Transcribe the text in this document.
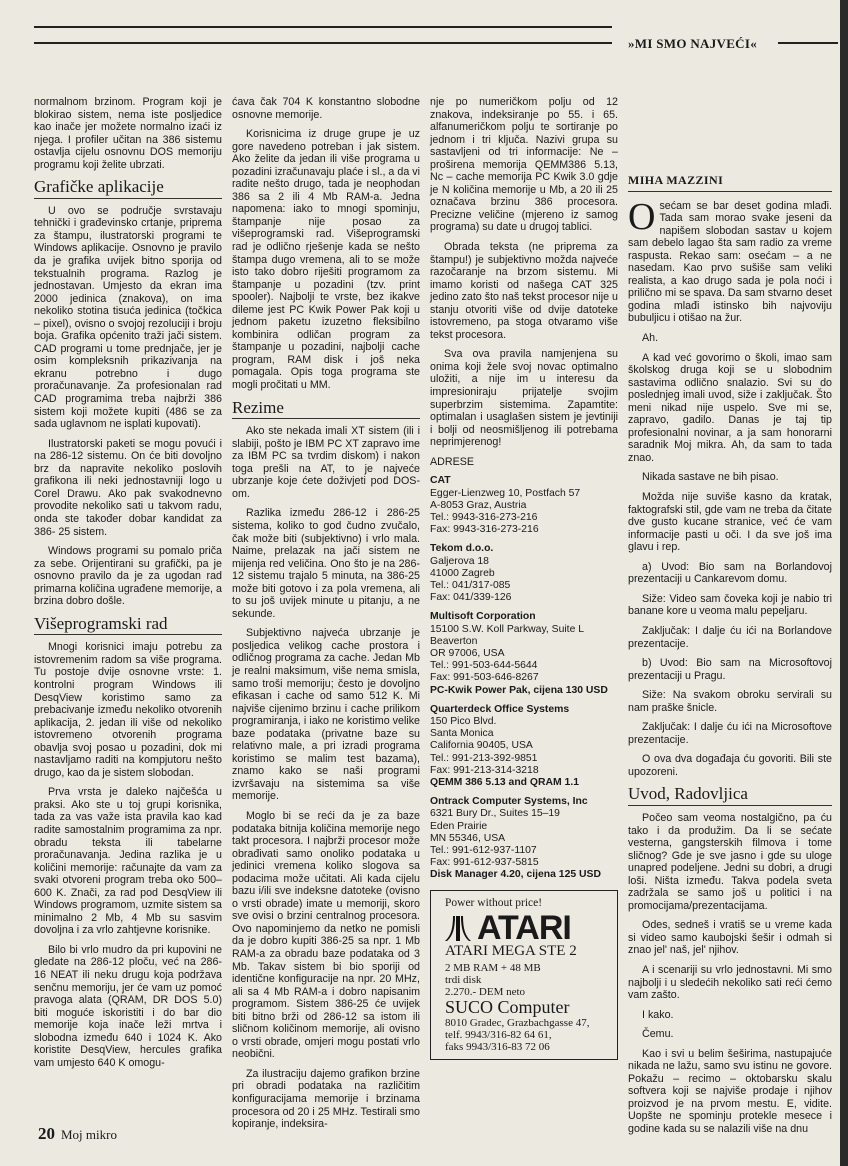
»MI SMO NAJVEĆI«

normalnom brzinom. Program koji je blokirao sistem, nema iste posljedice kao inače jer možete normalno izaći iz njega. I profiler učitan na 386 sistemu ostavlja cijelu osnovnu DOS memoriju programu koji želite ubrzati.

Grafičke aplikacije

U ovo se područje svrstavaju tehnički i građevinsko crtanje, priprema za štampu, ilustratorski programi te Windows aplikacije. Osnovno je pravilo da je grafika uvijek bitno sporija od tekstualnih programa. Razlog je jednostavan. Umjesto da ekran ima 2000 jedinica (znakova), on ima nekoliko stotina tisuća jedinica (točkica – pixel), ovisno o svojoj rezoluciji i broju boja. Grafika općenito traži jači sistem. CAD programi u tome prednjače, jer je osim kompleksnih prikazivanja na ekranu potrebno i dugo proračunavanje. Za profesionalan rad CAD programima treba najbrži 386 sistem koji možete kupiti (486 se za sada uglavnom ne isplati kupovati).

Ilustratorski paketi se mogu povući i na 286-12 sistemu. On će biti dovoljno brz da napravite nekoliko poslovih grafikona ili neki jednostavniji logo u Corel Drawu. Ako pak svakodnevno provodite nekoliko sati u takvom radu, onda ste također dobar kandidat za 386- 25 sistem.

Windows programi su pomalo priča za sebe. Orijentirani su grafički, pa je osnovno pravilo da je za ugodan rad primarna količina ugrađene memorije, a brzina dobro došle.

Višeprogramski rad

Mnogi korisnici imaju potrebu za istovremenim radom sa više programa. Tu postoje dvije osnovne vrste: 1. kontrolni program Windows ili DesqView koristimo samo za prebacivanje između nekoliko otvorenih aplikacija, 2. jedan ili više od nekoliko istovremeno otvorenih programa obavlja svoj posao u pozadini, dok mi nastavljamo raditi na kompjutoru nešto drugo, kao da je sistem slobodan.

Prva vrsta je daleko najčešća u praksi. Ako ste u toj grupi korisnika, tada za vas važe ista pravila kao kad radite samostalnim programima za npr. obradu teksta ili tabelarne proračunavanja. Jedina razlika je u količini memorije: računajte da vam za svaki otvoreni program treba oko 500–600 K. Znači, za rad pod DesqView ili Windows programom, uzmite sistem sa minimalno 2 Mb, 4 Mb su sasvim dovoljna i za vrlo zahtjevne korisnike.

Bilo bi vrlo mudro da pri kupovini ne gledate na 286-12 ploču, već na 286-16 NEAT ili neku drugu koja podržava senčnu memoriju, jer će vam uz pomoć pravoga alata (QRAM, DR DOS 5.0) biti moguće iskoristiti i do bar dio memorije koja inače leži mrtva i slobodna između 640 i 1024 K. Ako koristite DesqView, hercules grafika vam umjesto 640 K omogu-

ćava čak 704 K konstantno slobodne osnovne memorije.

Korisnicima iz druge grupe je uz gore navedeno potreban i jak sistem. Ako želite da jedan ili više programa u pozadini izračunavaju plaće i sl., a da vi radite nešto drugo, tada je neophodan 386 sa 2 ili 4 Mb RAM-a. Jedna napomena: iako to mnogi spominju, štampanje nije posao za višeprogramski rad. Višeprogramski rad je odlično rješenje kada se nešto štampa dugo vremena, ali to se može isto tako dobro riješiti programom za štampanje u pozadini (tzv. print spooler). Najbolji te vrste, bez ikakve dileme jest PC Kwik Power Pak koji u jednom paketu izuzetno fleksibilno kombinira odličan program za štampanje u pozadini, najbolji cache program, RAM disk i još neka pomagala. Opis toga programa ste mogli pročitati u MM.

Rezime

Ako ste nekada imali XT sistem (ili i slabiji, pošto je IBM PC XT zapravo ime za IBM PC sa tvrdim diskom) i nakon toga prešli na AT, to je najveće ubrzanje koje ćete doživjeti pod DOS-om.

Razlika između 286-12 i 286-25 sistema, koliko to god čudno zvučalo, čak može biti (subjektivno) i vrlo mala. Naime, prelazak na jači sistem ne mijenja red veličina. Ono što je na 286-12 sistemu trajalo 5 minuta, na 386-25 može biti gotovo i za pola vremena, ali to su još uvijek minute u pitanju, a ne sekunde.

Subjektivno najveća ubrzanje je posljedica velikog cache prostora i odličnog programa za cache. Jedan Mb je realni maksimum, više nema smisla, samo troši memoriju; često je dovoljno efikasan i cache od samo 512 K. Mi najviše cijenimo brzinu i cache prilikom programiranja, i iako ne koristimo velike baze podataka (privatne baze su relativno male, a pri izradi programa koristimo se malim test bazama), znamo kako se naši programi izvršavaju na sistemima sa više memorije.

Moglo bi se reći da je za baze podataka bitnija količina memorije nego takt procesora. I najbrži procesor može obrađivati samo onoliko podataka u jedinici vremena koliko slogova sa podacima može učitati. Ali kada cijelu bazu i/ili sve indeksne datoteke (ovisno o vrsti obrade) imate u memoriji, skoro sve ovisi o brzini centralnog procesora. Ovo napominjemo da netko ne pomisli da je dobro kupiti 386-25 sa npr. 1 Mb RAM-a za obradu baze podataka od 3 Mb. Takav sistem bi bio sporiji od identične konfiguracije na npr. 20 MHz, ali sa 4 Mb RAM-a i dobro napisanim programom. Sistem 386-25 će uvijek biti bitno brži od 286-12 sa istom ili sličnom količinom memorije, ali ovisno o vrsti obrade, omjeri mogu postati vrlo neobični.

Za ilustraciju dajemo grafikon brzine pri obradi podataka na različitim konfiguracijama memorije i brzinama procesora od 20 i 25 MHz. Testirali smo kopiranje, indeksira-

nje po numeričkom polju od 12 znakova, indeksiranje po 55. i 65. alfanumeričkom polju te sortiranje po jednom i tri ključa. Nazivi grupa su sastavljeni od tri informacije: Ne – proširena memorija QEMM386 5.13, Nc – cache memorija PC Kwik 3.0 gdje je N količina memorije u Mb, a 20 ili 25 označava brzinu 386 procesora. Precizne veličine (mjereno iz samog programa) su date u drugoj tablici.

Obrada teksta (ne priprema za štampu!) je subjektivno možda najveće razočaranje na brzom sistemu. Mi imamo koristi od našega CAT 325 jedino zato što naš tekst procesor nije u stanju otvoriti više od dvije datoteke istovremeno, pa stoga otvaramo više tekst procesora.

Sva ova pravila namjenjena su onima koji žele svoj novac optimalno uložiti, a nije im u interesu da impresioniraju prijatelje svojim superbrzim sistemima. Zapamtite: optimalan i usaglašen sistem je jevtiniji i bolji od neosmišljenog ili potrebama neprimjerenog!

ADRESE

CAT
Egger-Lienzweg 10, Postfach 57
A-8053 Graz, Austria
Tel.: 9943-316-273-216
Fax: 9943-316-273-216
Tekom d.o.o.
Galjerova 18
41000 Zagreb
Tel.: 041/317-085
Fax: 041/339-126
Multisoft Corporation
15100 S.W. Koll Parkway, Suite L
Beaverton
OR 97006, USA
Tel.: 991-503-644-5644
Fax: 991-503-646-8267
PC-Kwik Power Pak, cijena 130 USD
Quarterdeck Office Systems
150 Pico Blvd.
Santa Monica
California 90405, USA
Tel.: 991-213-392-9851
Fax: 991-213-314-3218
QEMM 386 5.13 and QRAM 1.1
Ontrack Computer Systems, Inc
6321 Bury Dr., Suites 15–19
Eden Prairie
MN 55346, USA
Tel.: 991-612-937-1107
Fax: 991-612-937-5815
Disk Manager 4.20, cijena 125 USD
Power without price!
ATARI
ATARI MEGA STE 2
2 MB RAM + 48 MB
trdi disk
2.270.- DEM neto
SUCO Computer
8010 Gradec, Grazbachgasse 47,
telf. 9943/316-82 64 61,
faks 9943/316-83 72 06
MIHA MAZZINI

Osećam se bar deset godina mlađi. Tada sam morao svake jeseni da napišem slobodan sastav u kojem sam debelo lagao šta sam radio za vreme raspusta. Rekao sam: osećam – a ne nasedam. Kao prvo sušiše sam veliki realista, a kao drugo sada je pola noći i prilično mi se spava. Da sam stvarno deset godina mlađi istinsko bih najvoviju bubuljicu i otišao na žur.

Ah.

A kad već govorimo o školi, imao sam školskog druga koji se u slobodnim sastavima odlično snalazio. Svi su do poslednjeg imali uvod, siže i zaključak. Što meni nikad nije uspelo. Sve mi se, zapravo, gadilo. Danas je taj tip profesionalni novinar, a ja sam honorarni saradnik Moj mikra. Ah, da sam to tada znao.

Nikada sastave ne bih pisao.

Možda nije suviše kasno da kratak, faktografski stil, gde vam ne treba da čitate dve gusto kucane stranice, već će vam informacije pasti u oči. I da sve još ima glavu i rep.

a) Uvod: Bio sam na Borlandovoj prezentaciji u Cankarevom domu.

Siže: Video sam čoveka koji je nabio tri banane kore u veoma malu pepeljaru.

Zaključak: I dalje ću ići na Borlandove prezentacije.

b) Uvod: Bio sam na Microsoftovoj prezentaciji u Pragu.

Siže: Na svakom obroku servirali su nam praške šnicle.

Zaključak: I dalje ću ići na Microsoftove prezentacije.

O ova dva događaja ću govoriti. Bili ste upozoreni.

Uvod, Radovljica

Počeo sam veoma nostalgično, pa ću tako i da produžim. Da li se sećate vesterna, gangsterskih filmova i tome sličnog? Gde je sve jasno i gde su uloge unapred podeljene. Jedni su dobri, a drugi loši. Ništa između. Takva podela sveta zadržala se samo još u politici i na promocijama/prezentacijama.

Odes, sedneš i vratiš se u vreme kada si video samo kaubojski šešir i odmah si znao jel' naš, jel' njihov.

A i scenariji su vrlo jednostavni. Mi smo najbolji i u sledećih nekoliko sati reći ćemo vam zašto.

I kako.

Čemu.

Kao i svi u belim šeširima, nastupajuće nikada ne lažu, samo svu istinu ne govore. Pokažu – recimo – oktobarsku skalu softvera koji se najviše prodaje i njihov proizvod je na prvom mestu. E, vidite. Uopšte ne spominju protekle mesece i godine kada su se nalazili više na dnu

20 Moj mikro
